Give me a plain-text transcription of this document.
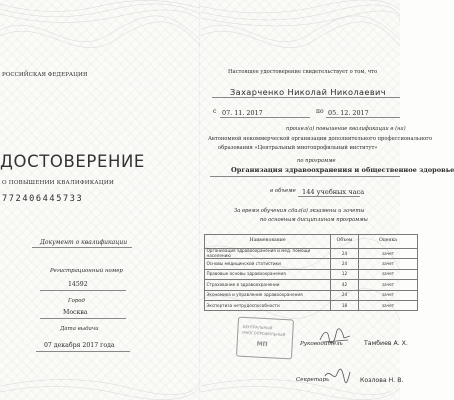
РОССИЙСКАЯ ФЕДЕРАЦИЯ
ДОСТОВЕРЕНИЕ
О ПОВЫШЕНИИ КВАЛИФИКАЦИИ
772406445733
Документ о квалификации
Регистрационный номер
14592
Город
Москва
Дата выдачи
07 декабря 2017 года
Настоящее удостоверение свидетельствует о том, что
Захарченко Николай Николаевич
с 07. 11. 2017	по 05. 12. 2017
прошел(а) повышение квалификации в (на)
Автономной некоммерческой организации дополнительного профессионального
образования «Центральный многопрофильный институт»
по программе
Организация здравоохранения и общественное здоровье
в объеме 144 учебных часа
За время обучения сдал(а) экзамены и зачеты
по основным дисциплинам программы
Наименование	Объем	Оценка
Организация здравоохранения и мед. помощи населению	24	зачет
Основы медицинской статистики	24	зачет
Правовые основы здравоохранения	12	зачет
Страхование в здравоохранении	42	зачет
Экономика и управление здравоохранения	24	зачет
Экспертиза нетрудоспособности	18	зачет
ЦЕНТРАЛЬНЫЙ
МНОГОПРОФИЛЬНЫЙ
МП	Руководитель	Тамбиев А. Х.
Секретарь	Козлова Н. В.
